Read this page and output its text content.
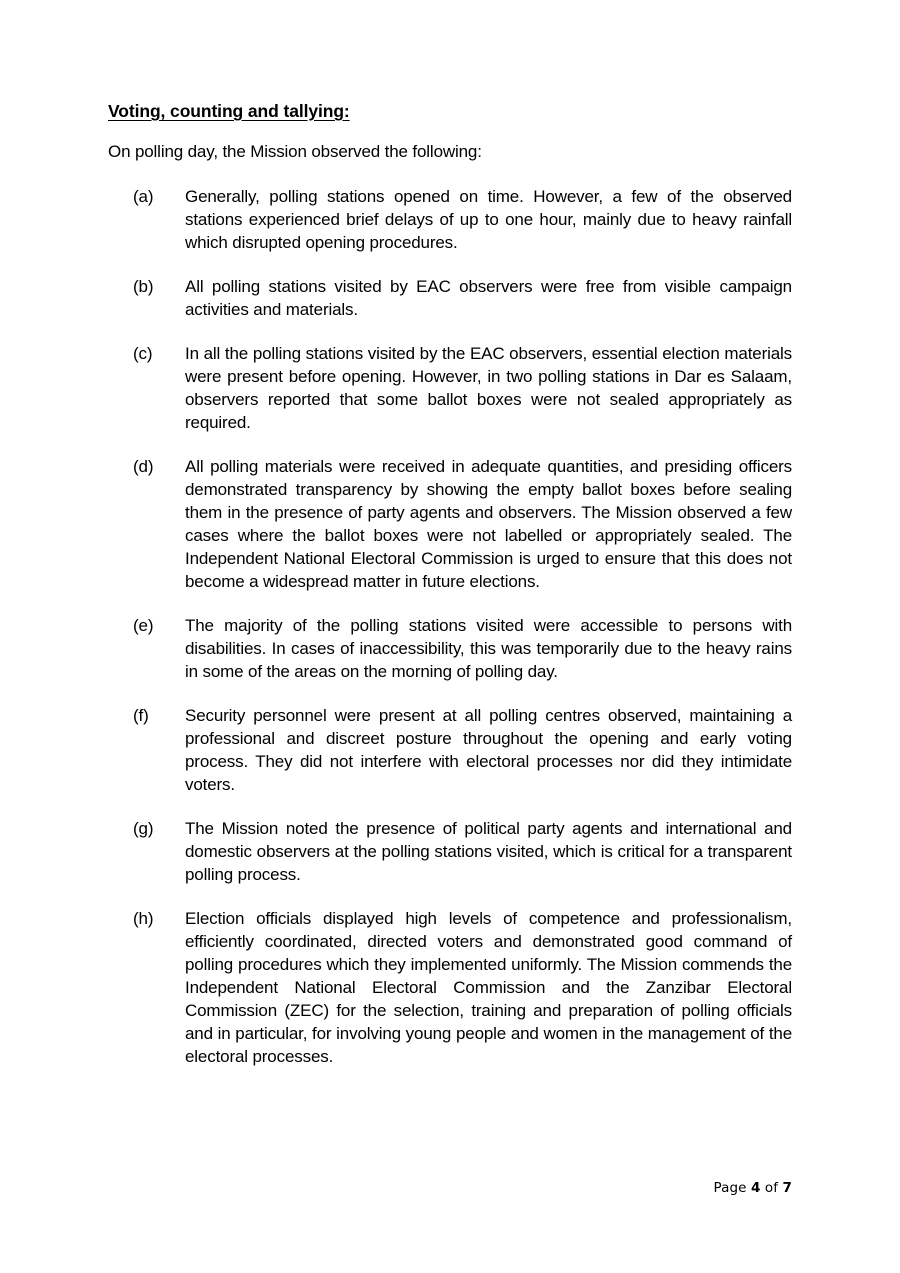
Voting, counting and tallying:

On polling day, the Mission observed the following:

(a) Generally, polling stations opened on time. However, a few of the observed stations experienced brief delays of up to one hour, mainly due to heavy rainfall which disrupted opening procedures.
(b) All polling stations visited by EAC observers were free from visible campaign activities and materials.
(c) In all the polling stations visited by the EAC observers, essential election materials were present before opening. However, in two polling stations in Dar es Salaam, observers reported that some ballot boxes were not sealed appropriately as required.
(d) All polling materials were received in adequate quantities, and presiding officers demonstrated transparency by showing the empty ballot boxes before sealing them in the presence of party agents and observers. The Mission observed a few cases where the ballot boxes were not labelled or appropriately sealed. The Independent National Electoral Commission is urged to ensure that this does not become a widespread matter in future elections.
(e) The majority of the polling stations visited were accessible to persons with disabilities. In cases of inaccessibility, this was temporarily due to the heavy rains in some of the areas on the morning of polling day.
(f) Security personnel were present at all polling centres observed, maintaining a professional and discreet posture throughout the opening and early voting process. They did not interfere with electoral processes nor did they intimidate voters.
(g) The Mission noted the presence of political party agents and international and domestic observers at the polling stations visited, which is critical for a transparent polling process.
(h) Election officials displayed high levels of competence and professionalism, efficiently coordinated, directed voters and demonstrated good command of polling procedures which they implemented uniformly. The Mission commends the Independent National Electoral Commission and the Zanzibar Electoral Commission (ZEC) for the selection, training and preparation of polling officials and in particular, for involving young people and women in the management of the electoral processes.
Page 4 of 7
